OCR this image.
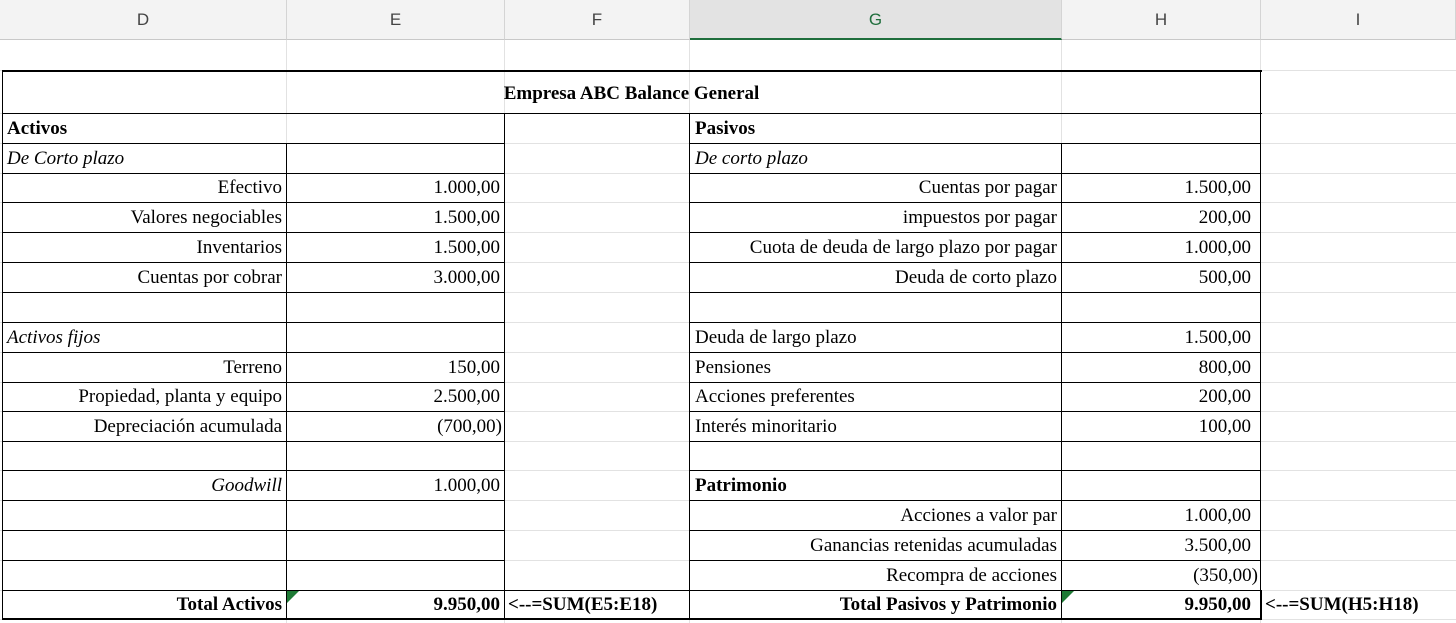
D	E	F	G	H	I
Empresa ABC Balance General
Activos
De Corto plazo
Efectivo	1.000,00
Valores negociables	1.500,00
Inventarios	1.500,00
Cuentas por cobrar	3.000,00
Activos fijos
Terreno	150,00
Propiedad, planta y equipo	2.500,00
Depreciación acumulada	(700,00)
Goodwill	1.000,00
Total Activos	9.950,00 <--=SUM(E5:E18)
Pasivos
De corto plazo
Cuentas por pagar	1.500,00
impuestos por pagar	200,00
Cuota de deuda de largo plazo por pagar	1.000,00
Deuda de corto plazo	500,00
Deuda de largo plazo	1.500,00
Pensiones	800,00
Acciones preferentes	200,00
Interés minoritario	100,00
Patrimonio
Acciones a valor par	1.000,00
Ganancias retenidas acumuladas	3.500,00
Recompra de acciones	(350,00)
Total Pasivos y Patrimonio	9.950,00 <--=SUM(H5:H18)
